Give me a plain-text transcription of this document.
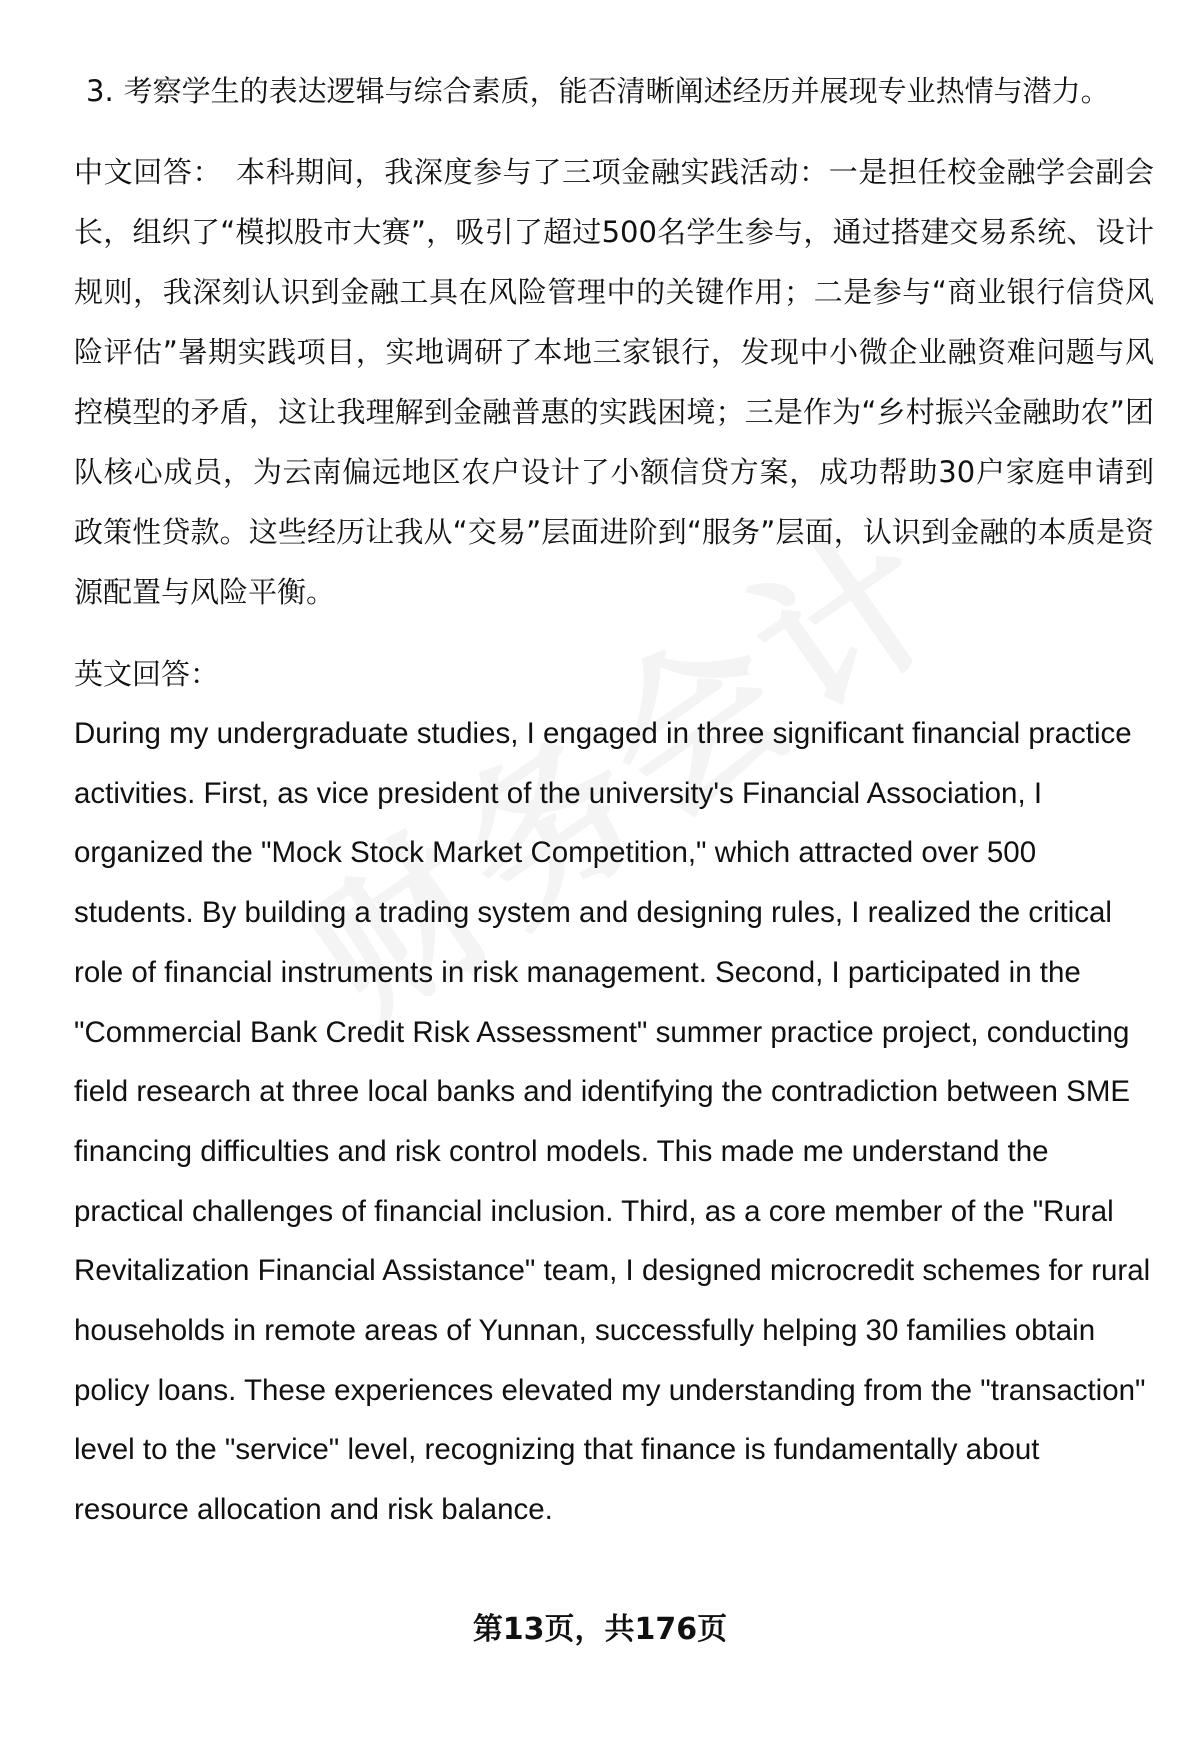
3. 考察学生的表达逻辑与综合素质，能否清晰阐述经历并展现专业热情与潜力。

中文回答： 本科期间，我深度参与了三项金融实践活动：一是担任校金融学会副会长，组织了“模拟股市大赛”，吸引了超过500名学生参与，通过搭建交易系统、设计规则，我深刻认识到金融工具在风险管理中的关键作用；二是参与“商业银行信贷风险评估”暑期实践项目，实地调研了本地三家银行，发现中小微企业融资难问题与风控模型的矛盾，这让我理解到金融普惠的实践困境；三是作为“乡村振兴金融助农”团队核心成员，为云南偏远地区农户设计了小额信贷方案，成功帮助30户家庭申请到政策性贷款。这些经历让我从“交易”层面进阶到“服务”层面，认识到金融的本质是资源配置与风险平衡。

英文回答：

During my undergraduate studies, I engaged in three significant financial practice activities. First, as vice president of the university's Financial Association, I organized the "Mock Stock Market Competition," which attracted over 500 students. By building a trading system and designing rules, I realized the critical role of financial instruments in risk management. Second, I participated in the "Commercial Bank Credit Risk Assessment" summer practice project, conducting field research at three local banks and identifying the contradiction between SME financing difficulties and risk control models. This made me understand the practical challenges of financial inclusion. Third, as a core member of the "Rural Revitalization Financial Assistance" team, I designed microcredit schemes for rural households in remote areas of Yunnan, successfully helping 30 families obtain policy loans. These experiences elevated my understanding from the "transaction" level to the "service" level, recognizing that finance is fundamentally about resource allocation and risk balance.

第13页，共176页
